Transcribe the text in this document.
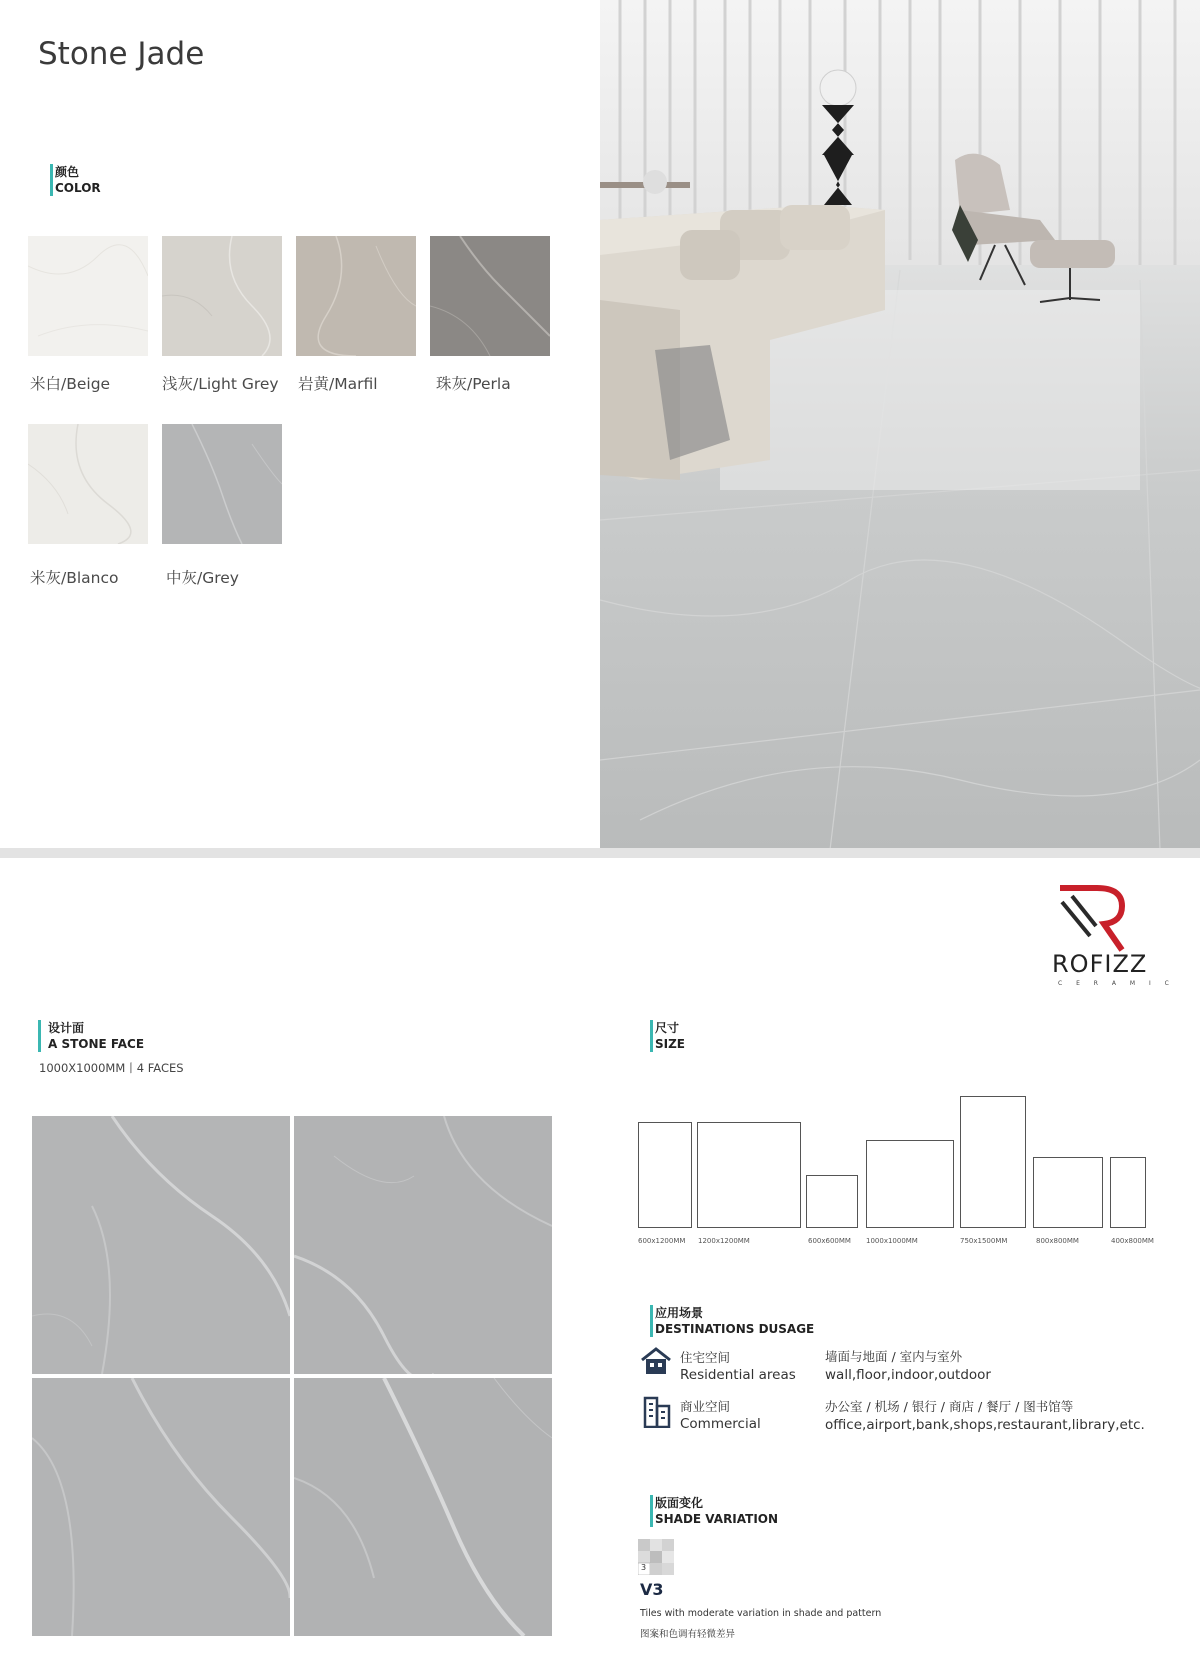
Stone Jade
颜色
COLOR
米白/Beige	浅灰/Light Grey 岩黄/Marfil	珠灰/Perla
米灰/Blanco	中灰/Grey
ROFIZZ
C E R A M I C
设计面
A STONE FACE
1000X1000MM丨4 FACES
尺寸
SIZE
600x1200MM 1200x1200MM	600x600MM 1000x1000MM	750x1500MM	800x800MM	400x800MM
应用场景
DESTINATIONS DUSAGE
住宅空间
Residential areas
墙面与地面 / 室内与室外
wall,floor,indoor,outdoor
商业空间
Commercial
办公室 / 机场 / 银行 / 商店 / 餐厅 / 图书馆等
office,airport,bank,shops,restaurant,library,etc.
版面变化
SHADE VARIATION
3
V3
Tiles with moderate variation in shade and pattern
图案和色调有轻微差异
